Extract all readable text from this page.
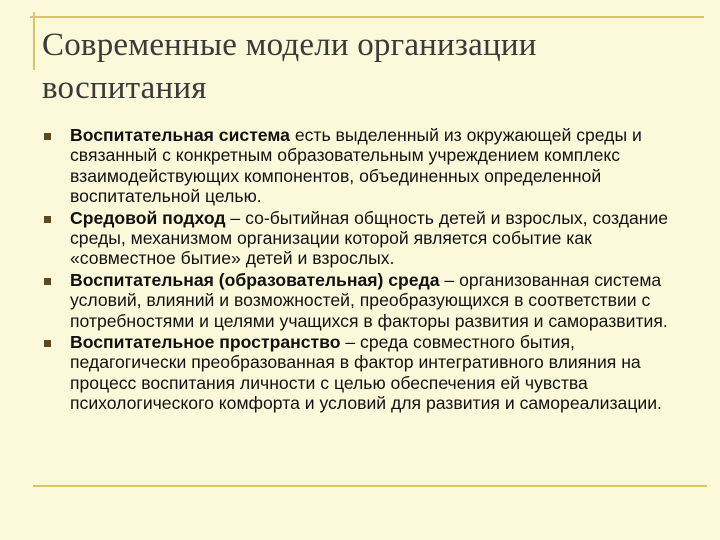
Современные модели организации воспитания
Воспитательная система есть выделенный из окружающей среды и связанный с конкретным образовательным учреждением комплекс взаимодействующих компонентов, объединенных определенной воспитательной целью.
Средовой подход – со-бытийная общность детей и взрослых, создание среды, механизмом организации которой является событие как «совместное бытие» детей и взрослых.
Воспитательная (образовательная) среда – организованная система условий, влияний и возможностей, преобразующихся в соответствии с потребностями и целями учащихся в факторы развития и саморазвития.
Воспитательное пространство – среда совместного бытия, педагогически преобразованная в фактор интегративного влияния на процесс воспитания личности с целью обеспечения ей чувства психологического комфорта и условий для развития и самореализации.
